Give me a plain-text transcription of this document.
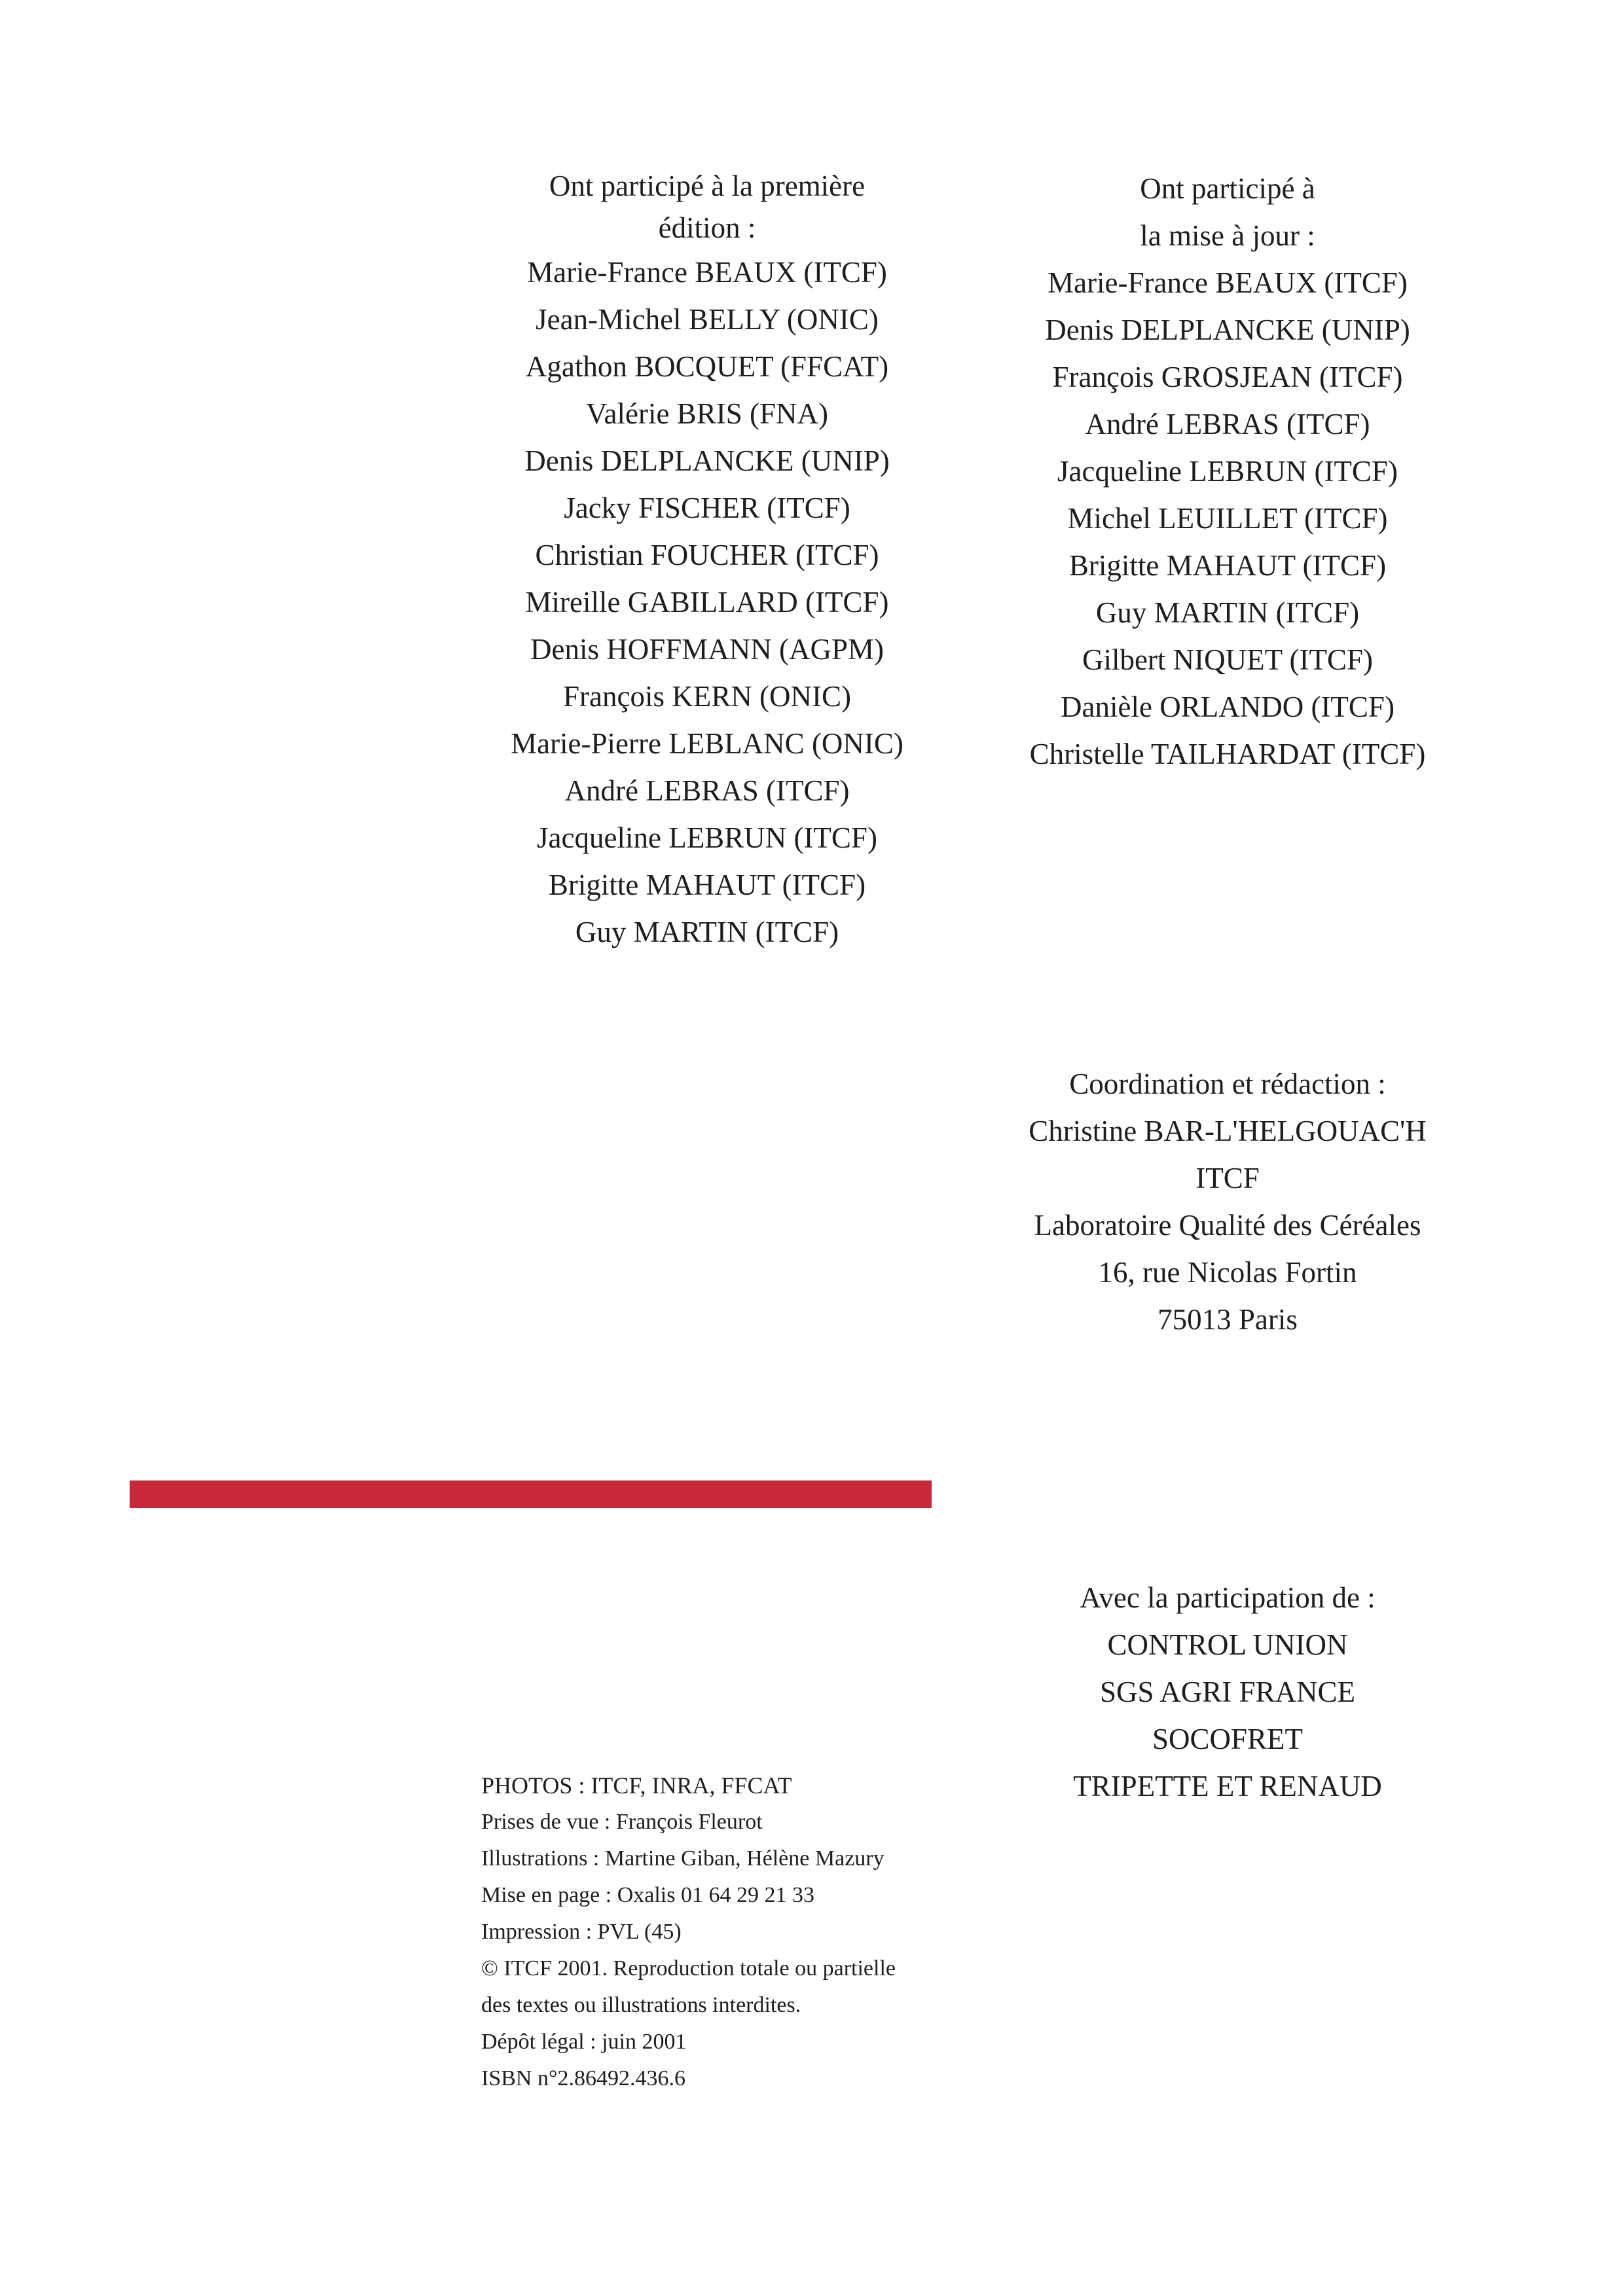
Ont participé à la première
édition :
Marie-France BEAUX (ITCF)
Jean-Michel BELLY (ONIC)
Agathon BOCQUET (FFCAT)
Valérie BRIS (FNA)
Denis DELPLANCKE (UNIP)
Jacky FISCHER (ITCF)
Christian FOUCHER (ITCF)
Mireille GABILLARD (ITCF)
Denis HOFFMANN (AGPM)
François KERN (ONIC)
Marie-Pierre LEBLANC (ONIC)
André LEBRAS (ITCF)
Jacqueline LEBRUN (ITCF)
Brigitte MAHAUT (ITCF)
Guy MARTIN (ITCF)
Ont participé à
la mise à jour :
Marie-France BEAUX (ITCF)
Denis DELPLANCKE (UNIP)
François GROSJEAN (ITCF)
André LEBRAS (ITCF)
Jacqueline LEBRUN (ITCF)
Michel LEUILLET (ITCF)
Brigitte MAHAUT (ITCF)
Guy MARTIN (ITCF)
Gilbert NIQUET (ITCF)
Danièle ORLANDO (ITCF)
Christelle TAILHARDAT (ITCF)
Coordination et rédaction :
Christine BAR-L'HELGOUAC'H
ITCF
Laboratoire Qualité des Céréales
16, rue Nicolas Fortin
75013 Paris
Avec la participation de :
CONTROL UNION
SGS AGRI FRANCE
SOCOFRET
TRIPETTE ET RENAUD
PHOTOS : ITCF, INRA, FFCAT
Prises de vue : François Fleurot
Illustrations : Martine Giban, Hélène Mazury
Mise en page : Oxalis 01 64 29 21 33
Impression : PVL (45)
© ITCF 2001. Reproduction totale ou partielle
des textes ou illustrations interdites.
Dépôt légal : juin 2001
ISBN n°2.86492.436.6
